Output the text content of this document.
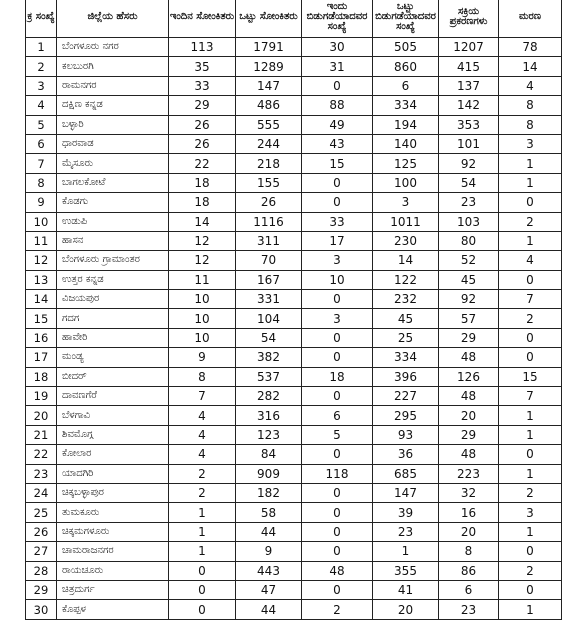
ಕ್ರ ಸಂಖ್ಯೆ	ಜಿಲ್ಲೆಯ ಹೆಸರು	ಇಂದಿನ ಸೋಂಕಿತರು	ಒಟ್ಟು ಸೋಂಕಿತರು	ಇಂದು ಬಿಡುಗಡೆಯಾದವರ ಸಂಖ್ಯೆ	ಒಟ್ಟು ಬಿಡುಗಡೆಯಾದವರ ಸಂಖ್ಯೆ	ಸಕ್ರಿಯ ಪ್ರಕರಣಗಳು	ಮರಣ	
1	ಬೆಂಗಳೂರು ನಗರ	113	1791	30	505	1207	78	
2	ಕಲಬುರಗಿ	35	1289	31	860	415	14	
3	ರಾಮನಗರ	33	147	0	6	137	4	
4	ದಕ್ಷಿಣ ಕನ್ನಡ	29	486	88	334	142	8	
5	ಬಳ್ಳಾರಿ	26	555	49	194	353	8	
6	ಧಾರವಾಡ	26	244	43	140	101	3	
7	ಮೈಸೂರು	22	218	15	125	92	1	
8	ಬಾಗಲಕೋಟೆ	18	155	0	100	54	1	
9	ಕೊಡಗು	18	26	0	3	23	0	
10	ಉಡುಪಿ	14	1116	33	1011	103	2	
11	ಹಾಸನ	12	311	17	230	80	1	
12	ಬೆಂಗಳೂರು ಗ್ರಾಮಾಂತರ	12	70	3	14	52	4	
13	ಉತ್ತರ ಕನ್ನಡ	11	167	10	122	45	0	
14	ವಿಜಯಪುರ	10	331	0	232	92	7	
15	ಗದಗ	10	104	3	45	57	2	
16	ಹಾವೇರಿ	10	54	0	25	29	0	
17	ಮಂಡ್ಯ	9	382	0	334	48	0	
18	ಬೀದರ್	8	537	18	396	126	15	
19	ದಾವಣಗೆರೆ	7	282	0	227	48	7	
20	ಬೆಳಗಾವಿ	4	316	6	295	20	1	
21	ಶಿವಮೊಗ್ಗ	4	123	5	93	29	1	
22	ಕೋಲಾರ	4	84	0	36	48	0	
23	ಯಾದಗಿರಿ	2	909	118	685	223	1	
24	ಚಿಕ್ಕಬಳ್ಳಾಪುರ	2	182	0	147	32	2	
25	ತುಮಕೂರು	1	58	0	39	16	3	
26	ಚಿಕ್ಕಮಗಳೂರು	1	44	0	23	20	1	
27	ಚಾಮರಾಜನಗರ	1	9	0	1	8	0	
28	ರಾಯಚೂರು	0	443	48	355	86	2	
29	ಚಿತ್ರದುರ್ಗ	0	47	0	41	6	0	
30	ಕೊಪ್ಪಳ	0	44	2	20	23	1	
